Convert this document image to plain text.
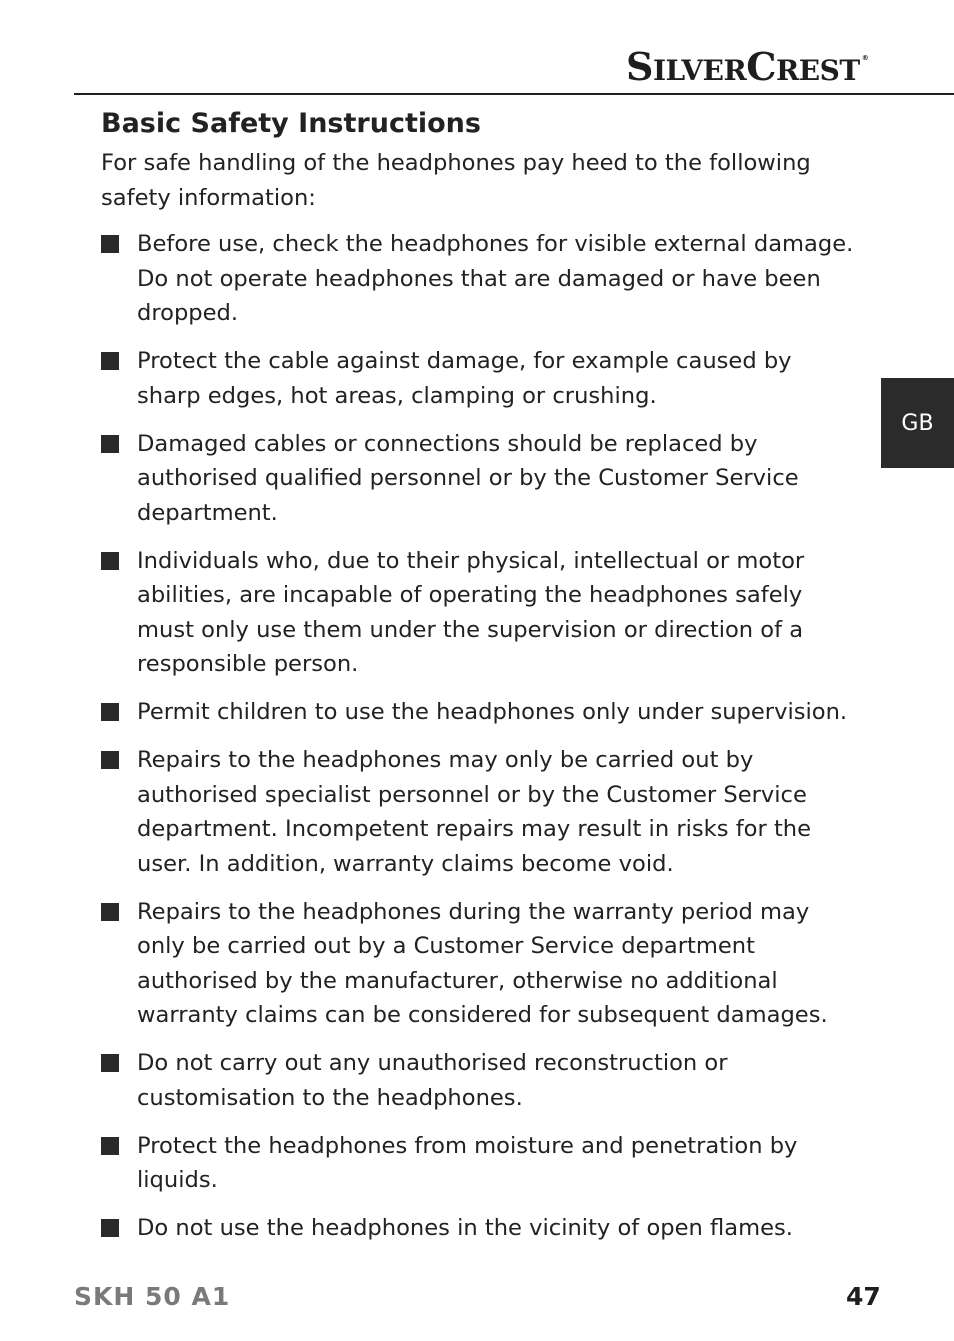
SILVERCREST ®
Basic Safety Instructions

For safe handling of the headphones pay heed to the following safety information:

Before use, check the headphones for visible external damage. Do not operate headphones that are damaged or have been dropped.
Protect the cable against damage, for example caused by sharp edges, hot areas, clamping or crushing.
Damaged cables or connections should be replaced by authorised qualified personnel or by the Customer Service department.
Individuals who, due to their physical, intellectual or motor abilities, are incapable of operating the headphones safely must only use them under the supervision or direction of a responsible person.
Permit children to use the headphones only under supervision.
Repairs to the headphones may only be carried out by authorised specialist personnel or by the Customer Service department. Incompetent repairs may result in risks for the user. In addition, warranty claims become void.
Repairs to the headphones during the warranty period may only be carried out by a Customer Service department authorised by the manufacturer, otherwise no additional warranty claims can be considered for subsequent damages.
Do not carry out any unauthorised reconstruction or customisation to the headphones.
Protect the headphones from moisture and penetration by liquids.
Do not use the headphones in the vicinity of open flames.
GB
SKH 50 A1	47
